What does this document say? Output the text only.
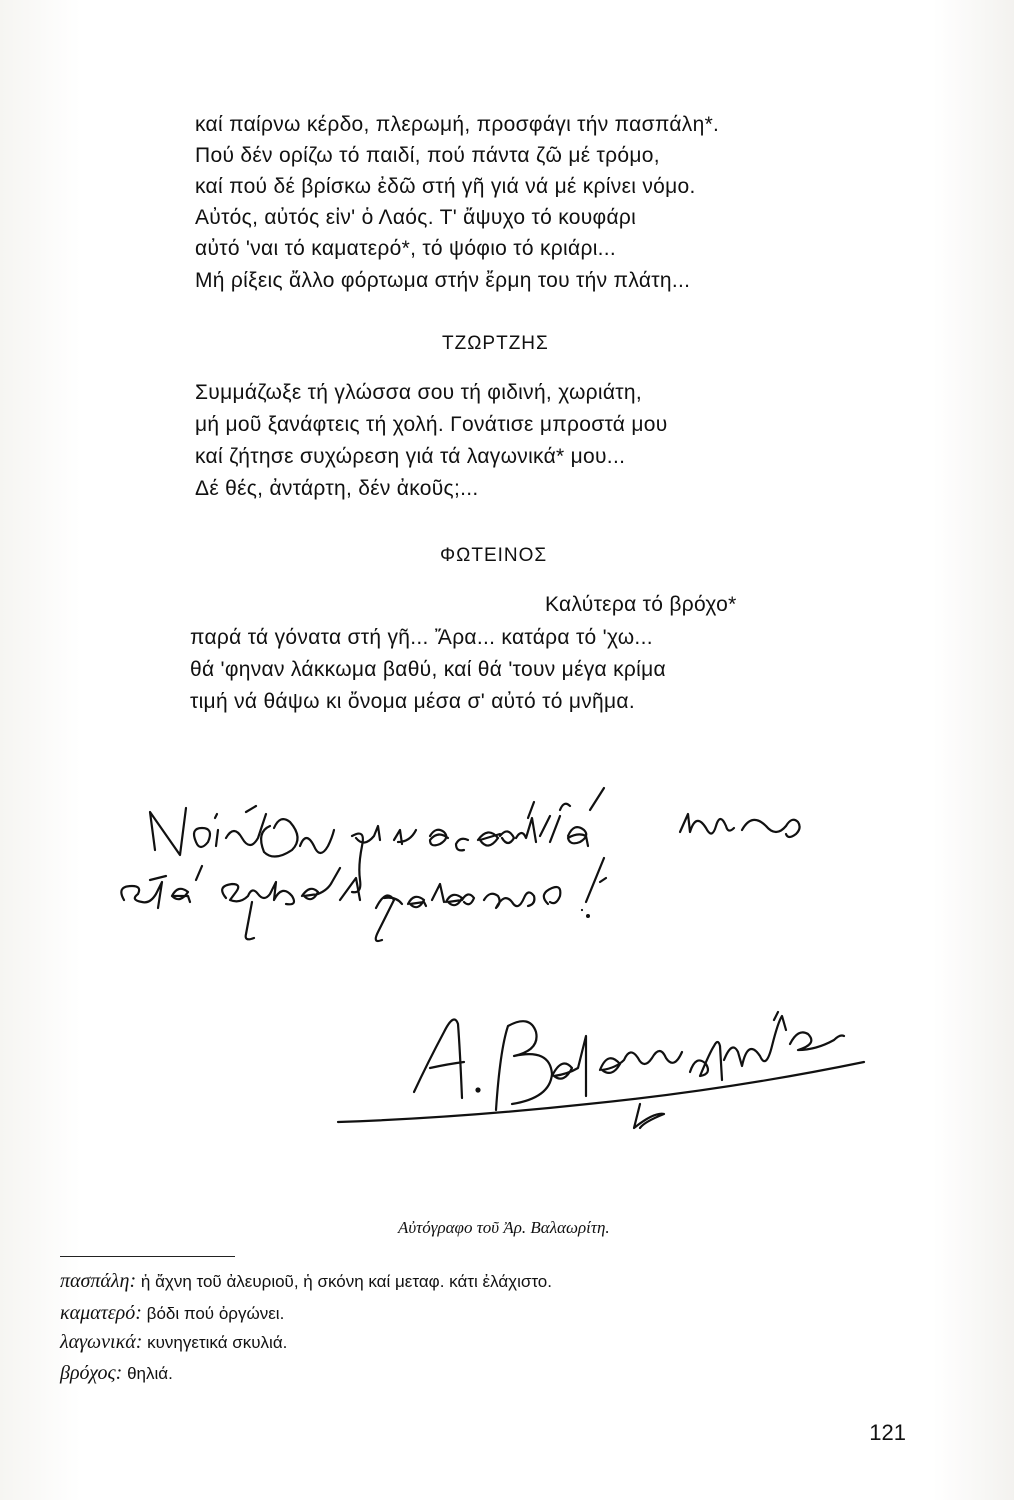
καί παίρνω κέρδο, πλερωμή, προσφάγι τήν πασπάλη*.
Πού δέν ορίζω τό παιδί, πού πάντα ζῶ μέ τρόμο,
καί πού δέ βρίσκω ἐδῶ στή γῆ γιά νά μέ κρίνει νόμο.
Αὐτός, αὐτός εἰν' ὁ Λαός. Τ' ἄψυχο τό κουφάρι
αὐτό 'ναι τό καματερό*, τό ψόφιο τό κριάρι...
Μή ρίξεις ἄλλο φόρτωμα στήν ἔρμη του τήν πλάτη...
ΤΖΩΡΤΖΗΣ
Συμμάζωξε τή γλώσσα σου τή φιδινή, χωριάτη,
μή μοῦ ξανάφτεις τή χολή. Γονάτισε μπροστά μου
καί ζήτησε συχώρεση γιά τά λαγωνικά* μου...
Δέ θές, ἀντάρτη, δέν ἀκοῦς;...
ΦΩΤΕΙΝΟΣ
Καλύτερα τό βρόχο*
παρά τά γόνατα στή γῆ... Ἄρα... κατάρα τό 'χω...
θά 'φηναν λάκκωμα βαθύ, καί θά 'τουν μέγα κρίμα
τιμή νά θάψω κι ὄνομα μέσα σ' αὐτό τό μνῆμα.
Αὐτόγραφο τοῦ Ἀρ. Βαλαωρίτη.
πασπάλη: ἡ ἄχνη τοῦ ἀλευριοῦ, ἡ σκόνη καί μεταφ. κάτι ἐλάχιστο.
καματερό: βόδι πού ὀργώνει.
λαγωνικά: κυνηγετικά σκυλιά.
βρόχος: θηλιά.
121
